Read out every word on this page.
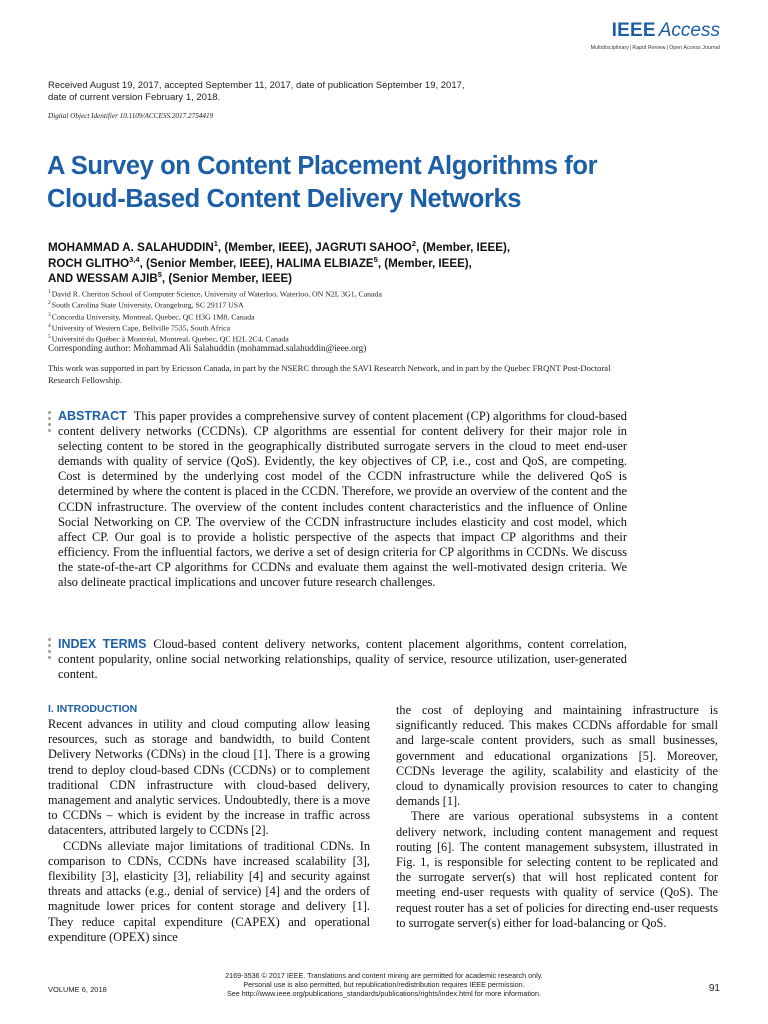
IEEE Access
Multidisciplinary|Rapid Review|Open Access Journal
Received August 19, 2017, accepted September 11, 2017, date of publication September 19, 2017,
date of current version February 1, 2018.
Digital Object Identifier 10.1109/ACCESS.2017.2754419
A Survey on Content Placement Algorithms for
Cloud-Based Content Delivery Networks
MOHAMMAD A. SALAHUDDIN$^1$, (Member, IEEE), JAGRUTI SAHOO$^2$, (Member, IEEE),
ROCH GLITHO$^{3,4}$, (Senior Member, IEEE), HALIMA ELBIAZE$^5$, (Member, IEEE),
AND WESSAM AJIB$^5$, (Senior Member, IEEE)
$^1$David R. Cheriton School of Computer Science, University of Waterloo, Waterloo, ON N2L 3G1, Canada
$^2$South Carolina State University, Orangeburg, SC 29117 USA
$^3$Concordia University, Montreal, Quebec, QC H3G 1M8, Canada
$^4$University of Western Cape, Bellville 7535, South Africa
$^5$Université du Québec à Montréal, Montreal, Quebec, QC H2L 2C4, Canada
Corresponding author: Mohammad Ali Salahuddin (mohammad.salahuddin@ieee.org)
This work was supported in part by Ericsson Canada, in part by the NSERC through the SAVI Research Network, and in part by the Quebec FRQNT Post-Doctoral Research Fellowship.
ABSTRACT This paper provides a comprehensive survey of content placement (CP) algorithms for cloud-based content delivery networks (CCDNs). CP algorithms are essential for content delivery for their major role in selecting content to be stored in the geographically distributed surrogate servers in the cloud to meet end-user demands with quality of service (QoS). Evidently, the key objectives of CP, i.e., cost and QoS, are competing. Cost is determined by the underlying cost model of the CCDN infrastructure while the delivered QoS is determined by where the content is placed in the CCDN. Therefore, we provide an overview of the content and the CCDN infrastructure. The overview of the content includes content characteristics and the influence of Online Social Networking on CP. The overview of the CCDN infrastructure includes elasticity and cost model, which affect CP. Our goal is to provide a holistic perspective of the aspects that impact CP algorithms and their efficiency. From the influential factors, we derive a set of design criteria for CP algorithms in CCDNs. We discuss the state-of-the-art CP algorithms for CCDNs and evaluate them against the well-motivated design criteria. We also delineate practical implications and uncover future research challenges.
INDEX TERMS Cloud-based content delivery networks, content placement algorithms, content correlation, content popularity, online social networking relationships, quality of service, resource utilization, user-generated content.
I. INTRODUCTION

Recent advances in utility and cloud computing allow leasing resources, such as storage and bandwidth, to build Content Delivery Networks (CDNs) in the cloud [1]. There is a growing trend to deploy cloud-based CDNs (CCDNs) or to complement traditional CDN infrastructure with cloud-based delivery, management and analytic services. Undoubtedly, there is a move to CCDNs – which is evident by the increase in traffic across datacenters, attributed largely to CCDNs [2].

CCDNs alleviate major limitations of traditional CDNs. In comparison to CDNs, CCDNs have increased scalability [3], flexibility [3], elasticity [3], reliability [4] and security against threats and attacks (e.g., denial of service) [4] and the orders of magnitude lower prices for content storage and delivery [1]. They reduce capital expenditure (CAPEX) and operational expenditure (OPEX) since

the cost of deploying and maintaining infrastructure is significantly reduced. This makes CCDNs affordable for small and large-scale content providers, such as small businesses, government and educational organizations [5]. Moreover, CCDNs leverage the agility, scalability and elasticity of the cloud to dynamically provision resources to cater to changing demands [1].

There are various operational subsystems in a content delivery network, including content management and request routing [6]. The content management subsystem, illustrated in Fig. 1, is responsible for selecting content to be replicated and the surrogate server(s) that will host replicated content for meeting end-user requests with quality of service (QoS). The request router has a set of policies for directing end-user requests to surrogate server(s) either for load-balancing or QoS.

VOLUME 6, 2018
2169-3536 © 2017 IEEE. Translations and content mining are permitted for academic research only.
Personal use is also permitted, but republication/redistribution requires IEEE permission.
See http://www.ieee.org/publications_standards/publications/rights/index.html for more information.	91
